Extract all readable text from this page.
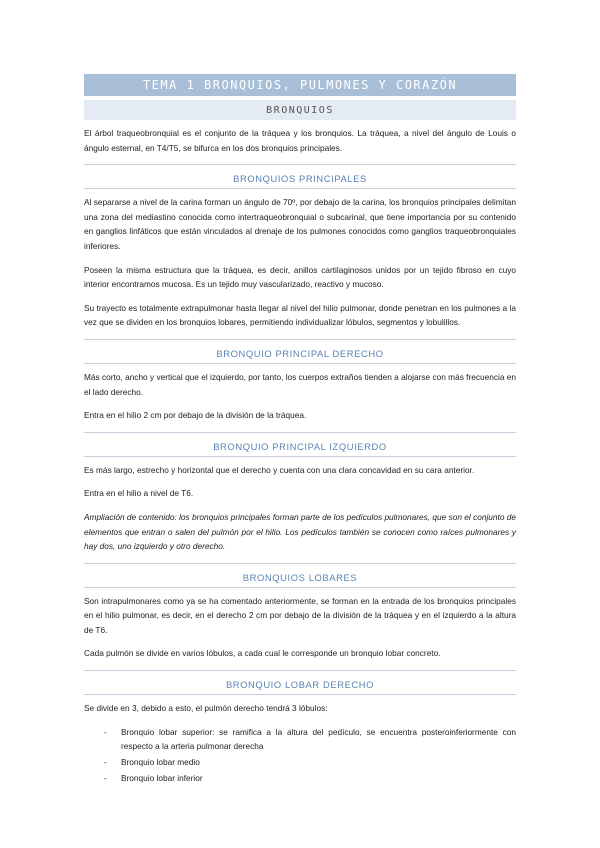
TEMA 1 BRONQUIOS, PULMONES Y CORAZÓN
BRONQUIOS

El árbol traqueobronquial es el conjunto de la tráquea y los bronquios. La tráquea, a nivel del ángulo de Louis o ángulo esternal, en T4/T5, se bifurca en los dos bronquios principales.

BRONQUIOS PRINCIPALES

Al separarse a nivel de la carina forman un ángulo de 70º, por debajo de la carina, los bronquios principales delimitan una zona del mediastino conocida como intertraqueobronquial o subcarinal, que tiene importancia por su contenido en ganglios linfáticos que están vinculados al drenaje de los pulmones conocidos como ganglios traqueobronquiales inferiores.

Poseen la misma estructura que la tráquea, es decir, anillos cartilaginosos unidos por un tejido fibroso en cuyo interior encontramos mucosa. Es un tejido muy vascularizado, reactivo y mucoso.

Su trayecto es totalmente extrapulmonar hasta llegar al nivel del hilio pulmonar, donde penetran en los pulmones a la vez que se dividen en los bronquios lobares, permitiendo individualizar lóbulos, segmentos y lobulillos.

BRONQUIO PRINCIPAL DERECHO

Más corto, ancho y vertical que el izquierdo, por tanto, los cuerpos extraños tienden a alojarse con más frecuencia en el lado derecho.

Entra en el hilio 2 cm por debajo de la división de la tráquea.

BRONQUIO PRINCIPAL IZQUIERDO

Es más largo, estrecho y horizontal que el derecho y cuenta con una clara concavidad en su cara anterior.

Entra en el hilio a nivel de T6.

Ampliación de contenido: los bronquios principales forman parte de los pedículos pulmonares, que son el conjunto de elementos que entran o salen del pulmón por el hilio. Los pedículos también se conocen como raíces pulmonares y hay dos, uno izquierdo y otro derecho.

BRONQUIOS LOBARES

Son intrapulmonares como ya se ha comentado anteriormente, se forman en la entrada de los bronquios principales en el hilio pulmonar, es decir, en el derecho 2 cm por debajo de la división de la tráquea y en el izquierdo a la altura de T6.

Cada pulmón se divide en varios lóbulos, a cada cual le corresponde un bronquio lobar concreto.

BRONQUIO LOBAR DERECHO

Se divide en 3, debido a esto, el pulmón derecho tendrá 3 lóbulos:

- Bronquio lobar superior: se ramifica a la altura del pedículo, se encuentra posteroinferiormente con respecto a la arteria pulmonar derecha
- Bronquio lobar medio
- Bronquio lobar inferior
